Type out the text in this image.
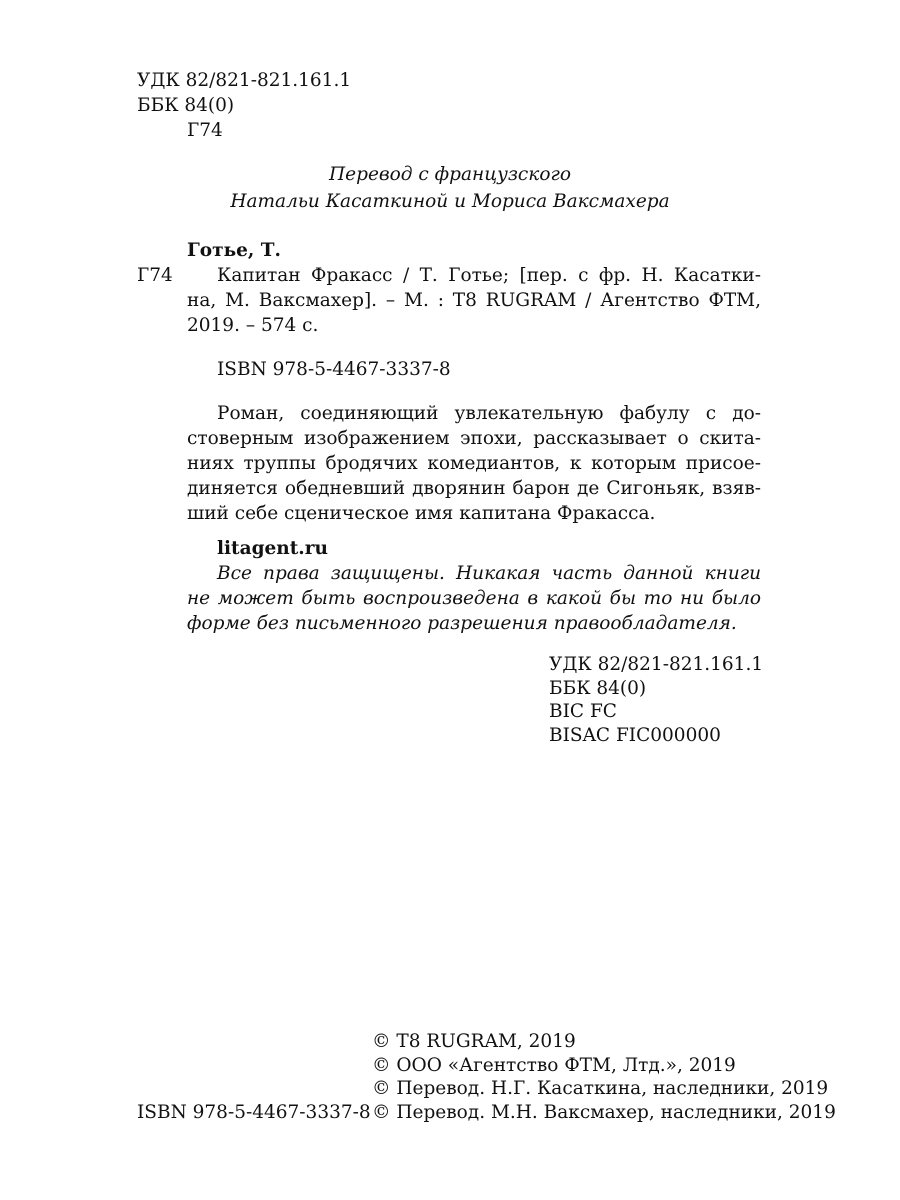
УДК 82/821-821.161.1
ББК 84(0)
Г74
Перевод с французского
Натальи Касаткиной и Мориса Ваксмахера
Готье, Т.
Г74 Капитан Фракасс / Т. Готье; [пер. с фр. Н. Касатки-
на, М. Ваксмахер]. – М. : Т8 RUGRAM / Агентство ФТМ,
2019. – 574 с.
ISBN 978-5-4467-3337-8
Роман, соединяющий увлекательную фабулу с до-
стоверным изображением эпохи, рассказывает о скита-
ниях труппы бродячих комедиантов, к которым присое-
диняется обедневший дворянин барон де Сигоньяк, взяв-
ший себе сценическое имя капитана Фракасса.
litagent.ru
Все права защищены. Никакая часть данной книги
не может быть воспроизведена в какой бы то ни было
форме без письменного разрешения правообладателя.
УДК 82/821-821.161.1
ББК 84(0)
BIC FC
BISAC FIC000000
© Т8 RUGRAM, 2019
© ООО «Агентство ФТМ, Лтд.», 2019
© Перевод. Н.Г. Касаткина, наследники, 2019
ISBN 978-5-4467-3337-8 © Перевод. М.Н. Ваксмахер, наследники, 2019
